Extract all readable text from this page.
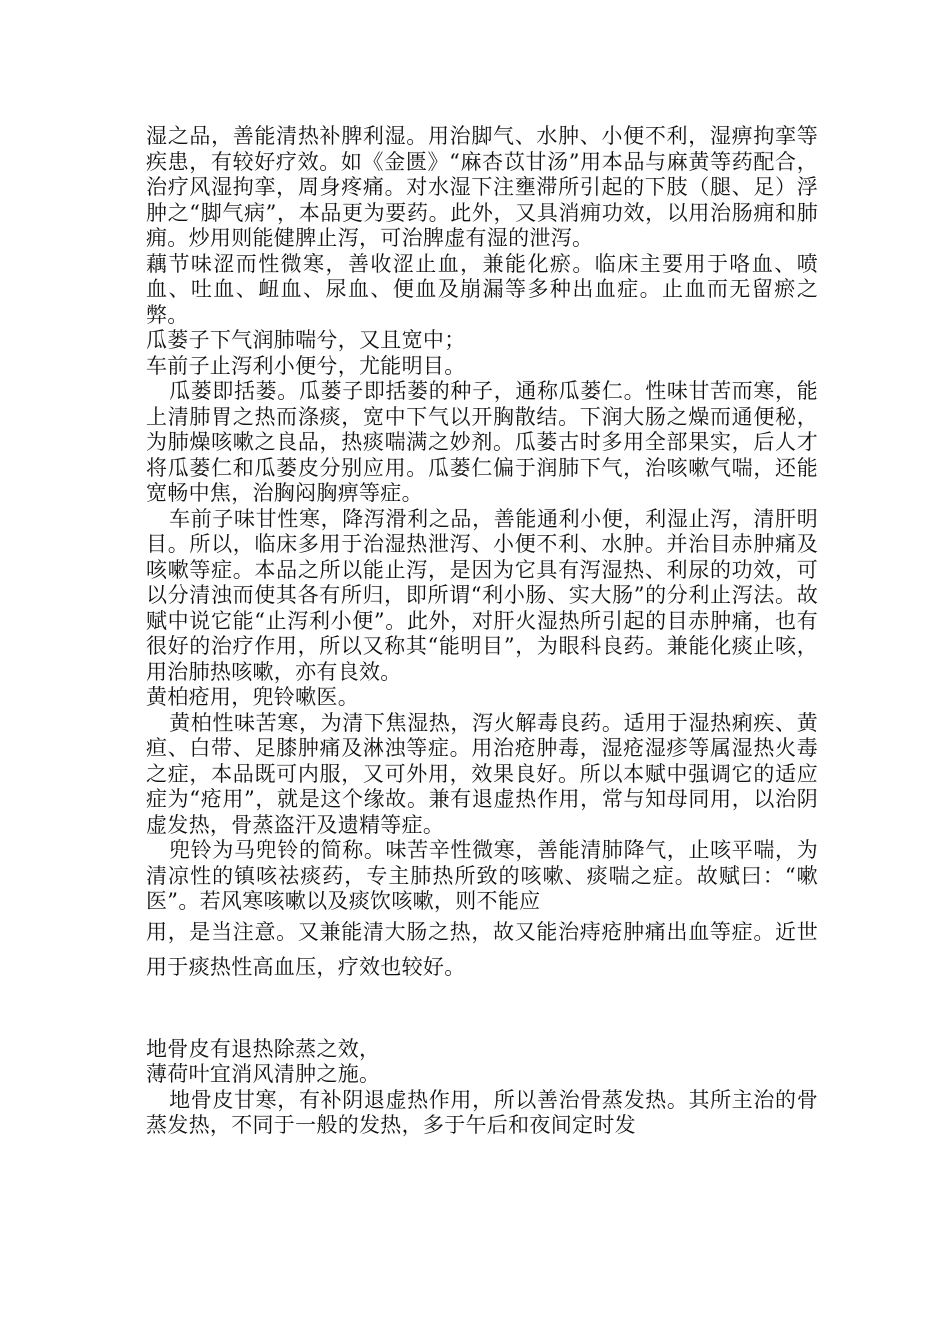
湿之品，善能清热补脾利湿。用治脚气、水肿、小便不利，湿痹拘挛等疾患，有较好疗效。如《金匮》“麻杏苡甘汤”用本品与麻黄等药配合，治疗风湿拘挛，周身疼痛。对水湿下注壅滞所引起的下肢（腿、足）浮肿之“脚气病”，本品更为要药。此外，又具消痈功效，以用治肠痈和肺痈。炒用则能健脾止泻，可治脾虚有湿的泄泻。

藕节味涩而性微寒，善收涩止血，兼能化瘀。临床主要用于咯血、喷血、吐血、衄血、尿血、便血及崩漏等多种出血症。止血而无留瘀之弊。

瓜蒌子下气润肺喘兮，又且宽中；

车前子止泻利小便兮，尤能明目。

瓜蒌即括蒌。瓜蒌子即括蒌的种子，通称瓜蒌仁。性味甘苦而寒，能上清肺胃之热而涤痰，宽中下气以开胸散结。下润大肠之燥而通便秘，为肺燥咳嗽之良品，热痰喘满之妙剂。瓜蒌古时多用全部果实，后人才将瓜蒌仁和瓜蒌皮分别应用。瓜蒌仁偏于润肺下气，治咳嗽气喘，还能宽畅中焦，治胸闷胸痹等症。

车前子味甘性寒，降泻滑利之品，善能通利小便，利湿止泻，清肝明目。所以，临床多用于治湿热泄泻、小便不利、水肿。并治目赤肿痛及咳嗽等症。本品之所以能止泻，是因为它具有泻湿热、利尿的功效，可以分清浊而使其各有所归，即所谓“利小肠、实大肠”的分利止泻法。故赋中说它能“止泻利小便”。此外，对肝火湿热所引起的目赤肿痛，也有很好的治疗作用，所以又称其“能明目”，为眼科良药。兼能化痰止咳，用治肺热咳嗽，亦有良效。

黄柏疮用，兜铃嗽医。

黄柏性味苦寒，为清下焦湿热，泻火解毒良药。适用于湿热痢疾、黄疸、白带、足膝肿痛及淋浊等症。用治疮肿毒，湿疮湿疹等属湿热火毒之症，本品既可内服，又可外用，效果良好。所以本赋中强调它的适应症为“疮用”，就是这个缘故。兼有退虚热作用，常与知母同用，以治阴虚发热，骨蒸盗汗及遗精等症。

兜铃为马兜铃的简称。味苦辛性微寒，善能清肺降气，止咳平喘，为清凉性的镇咳祛痰药，专主肺热所致的咳嗽、痰喘之症。故赋曰：“嗽医”。若风寒咳嗽以及痰饮咳嗽，则不能应

用，是当注意。又兼能清大肠之热，故又能治痔疮肿痛出血等症。近世用于痰热性高血压，疗效也较好。

地骨皮有退热除蒸之效，

薄荷叶宜消风清肿之施。

地骨皮甘寒，有补阴退虚热作用，所以善治骨蒸发热。其所主治的骨蒸发热，不同于一般的发热，多于午后和夜间定时发
